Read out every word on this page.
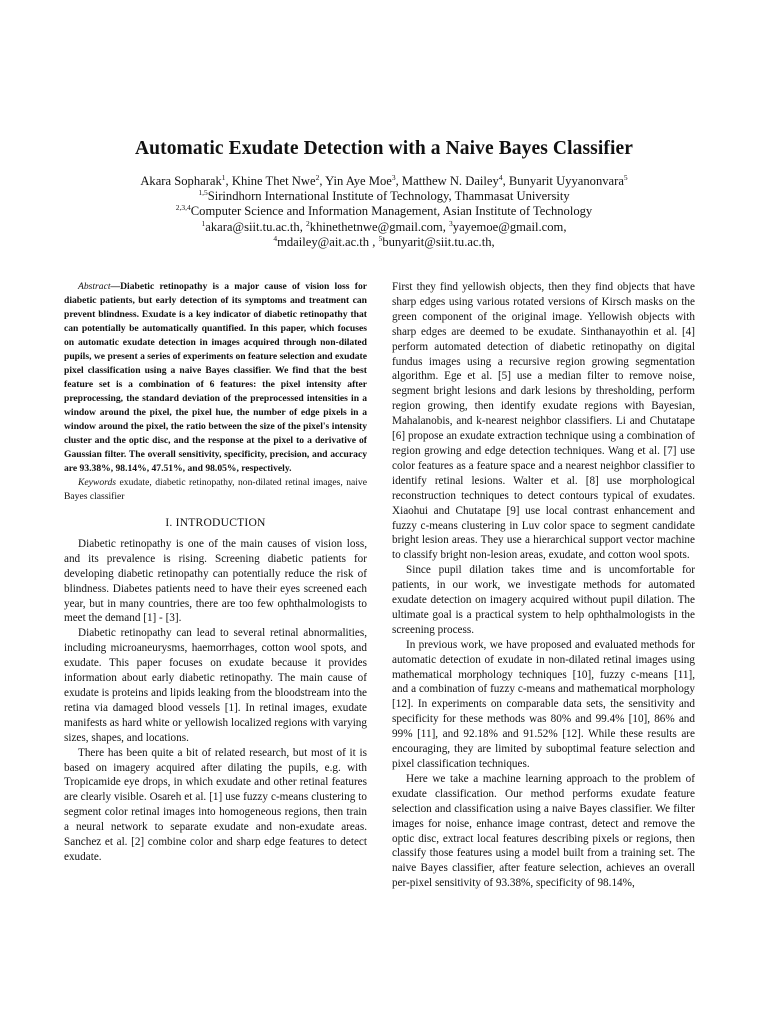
Automatic Exudate Detection with a Naive Bayes Classifier
Akara Sopharak$^1$, Khine Thet Nwe$^2$, Yin Aye Moe$^3$, Matthew N. Dailey$^4$, Bunyarit Uyyanonvara$^5$
$^{1,5}$Sirindhorn International Institute of Technology, Thammasat University
$^{2,3,4}$Computer Science and Information Management, Asian Institute of Technology
$^1$akara@siit.tu.ac.th, $^2$khinethetnwe@gmail.com, $^3$yayemoe@gmail.com,
$^4$mdailey@ait.ac.th , $^5$bunyarit@siit.tu.ac.th,

Abstract—Diabetic retinopathy is a major cause of vision loss for diabetic patients, but early detection of its symptoms and treatment can prevent blindness. Exudate is a key indicator of diabetic retinopathy that can potentially be automatically quantified. In this paper, which focuses on automatic exudate detection in images acquired through non-dilated pupils, we present a series of experiments on feature selection and exudate pixel classification using a naive Bayes classifier. We find that the best feature set is a combination of 6 features: the pixel intensity after preprocessing, the standard deviation of the preprocessed intensities in a window around the pixel, the pixel hue, the number of edge pixels in a window around the pixel, the ratio between the size of the pixel's intensity cluster and the optic disc, and the response at the pixel to a derivative of Gaussian filter. The overall sensitivity, specificity, precision, and accuracy are 93.38%, 98.14%, 47.51%, and 98.05%, respectively.

Keywords exudate, diabetic retinopathy, non-dilated retinal images, naive Bayes classifier

I. INTRODUCTION

Diabetic retinopathy is one of the main causes of vision loss, and its prevalence is rising. Screening diabetic patients for developing diabetic retinopathy can potentially reduce the risk of blindness. Diabetes patients need to have their eyes screened each year, but in many countries, there are too few ophthalmologists to meet the demand [1] - [3].

Diabetic retinopathy can lead to several retinal abnormalities, including microaneurysms, haemorrhages, cotton wool spots, and exudate. This paper focuses on exudate because it provides information about early diabetic retinopathy. The main cause of exudate is proteins and lipids leaking from the bloodstream into the retina via damaged blood vessels [1]. In retinal images, exudate manifests as hard white or yellowish localized regions with varying sizes, shapes, and locations.

There has been quite a bit of related research, but most of it is based on imagery acquired after dilating the pupils, e.g. with Tropicamide eye drops, in which exudate and other retinal features are clearly visible. Osareh et al. [1] use fuzzy c-means clustering to segment color retinal images into homogeneous regions, then train a neural network to separate exudate and non-exudate areas. Sanchez et al. [2] combine color and sharp edge features to detect exudate.

First they find yellowish objects, then they find objects that have sharp edges using various rotated versions of Kirsch masks on the green component of the original image. Yellowish objects with sharp edges are deemed to be exudate. Sinthanayothin et al. [4] perform automated detection of diabetic retinopathy on digital fundus images using a recursive region growing segmentation algorithm. Ege et al. [5] use a median filter to remove noise, segment bright lesions and dark lesions by thresholding, perform region growing, then identify exudate regions with Bayesian, Mahalanobis, and k-nearest neighbor classifiers. Li and Chutatape [6] propose an exudate extraction technique using a combination of region growing and edge detection techniques. Wang et al. [7] use color features as a feature space and a nearest neighbor classifier to identify retinal lesions. Walter et al. [8] use morphological reconstruction techniques to detect contours typical of exudates. Xiaohui and Chutatape [9] use local contrast enhancement and fuzzy c-means clustering in Luv color space to segment candidate bright lesion areas. They use a hierarchical support vector machine to classify bright non-lesion areas, exudate, and cotton wool spots.

Since pupil dilation takes time and is uncomfortable for patients, in our work, we investigate methods for automated exudate detection on imagery acquired without pupil dilation. The ultimate goal is a practical system to help ophthalmologists in the screening process.

In previous work, we have proposed and evaluated methods for automatic detection of exudate in non-dilated retinal images using mathematical morphology techniques [10], fuzzy c-means [11], and a combination of fuzzy c-means and mathematical morphology [12]. In experiments on comparable data sets, the sensitivity and specificity for these methods was 80% and 99.4% [10], 86% and 99% [11], and 92.18% and 91.52% [12]. While these results are encouraging, they are limited by suboptimal feature selection and pixel classification techniques.

Here we take a machine learning approach to the problem of exudate classification. Our method performs exudate feature selection and classification using a naive Bayes classifier. We filter images for noise, enhance image contrast, detect and remove the optic disc, extract local features describing pixels or regions, then classify those features using a model built from a training set. The naive Bayes classifier, after feature selection, achieves an overall per-pixel sensitivity of 93.38%, specificity of 98.14%,
